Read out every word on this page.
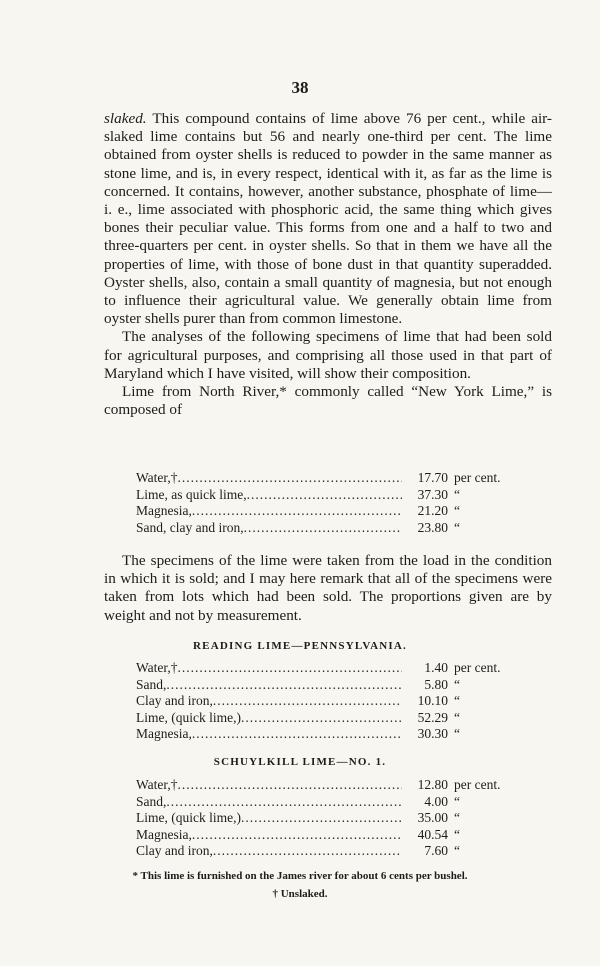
38

slaked. This compound contains of lime above 76 per cent., while air-slaked lime contains but 56 and nearly one-third per cent. The lime obtained from oyster shells is reduced to powder in the same manner as stone lime, and is, in every respect, identical with it, as far as the lime is concerned. It contains, however, another substance, phosphate of lime—i. e., lime associated with phosphoric acid, the same thing which gives bones their peculiar value. This forms from one and a half to two and three-quarters per cent. in oyster shells. So that in them we have all the properties of lime, with those of bone dust in that quantity superadded. Oyster shells, also, contain a small quantity of magnesia, but not enough to influence their agricultural value. We generally obtain lime from oyster shells purer than from common limestone.

The analyses of the following specimens of lime that had been sold for agricultural purposes, and comprising all those used in that part of Maryland which I have visited, will show their composition.

Lime from North River,* commonly called “New York Lime,” is composed of

Water,† .....	17.70 per cent.
Lime, as quick lime, .....	37.30 “
Magnesia, .....	21.20 “
Sand, clay and iron, .....	23.80 “

The specimens of the lime were taken from the load in the condition in which it is sold; and I may here remark that all of the specimens were taken from lots which had been sold. The proportions given are by weight and not by measurement.

READING LIME—PENNSYLVANIA.
Water,† .....	1.40 per cent.
Sand, .....	5.80 “
Clay and iron, .....	10.10 “
Lime, (quick lime,) .....	52.29 “
Magnesia, .....	30.30 “
SCHUYLKILL LIME—NO. 1.
Water,† .....	12.80 per cent.
Sand, .....	4.00 “
Lime, (quick lime,) .....	35.00 “
Magnesia, .....	40.54 “
Clay and iron, .....	7.60 “
* This lime is furnished on the James river for about 6 cents per bushel.
† Unslaked.
